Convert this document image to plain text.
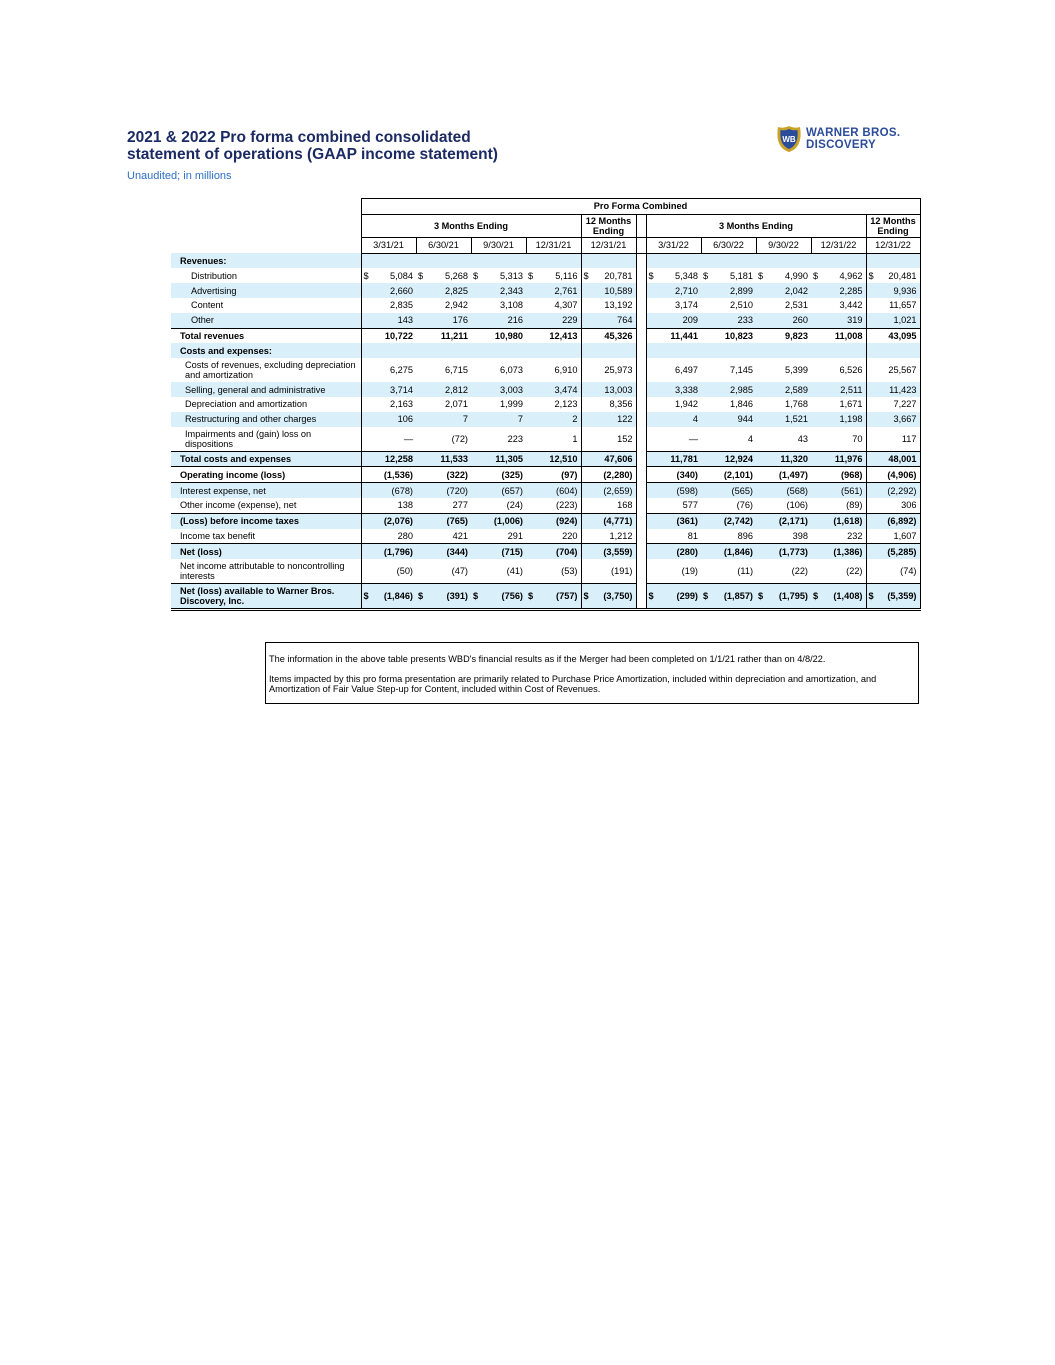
2021 & 2022 Pro forma combined consolidated
statement of operations (GAAP income statement)
Unaudited; in millions
WB
WARNER BROS.
DISCOVERY
	Pro Forma Combined										
	3 Months Ending				12 Months Ending		3 Months Ending				12 Months Ending
	3/31/21	6/30/21	9/30/21	12/31/21	12/31/21		3/31/22	6/30/22	9/30/22	12/31/22	12/31/22
Revenues:											
Distribution	$ 5,084	$ 5,268	$ 5,313	$ 5,116	$ 20,781		$ 5,348	$ 5,181	$ 4,990	$ 4,962	$ 20,481
Advertising	2,660	2,825	2,343	2,761	10,589		2,710	2,899	2,042	2,285	9,936
Content	2,835	2,942	3,108	4,307	13,192		3,174	2,510	2,531	3,442	11,657
Other	143	176	216	229	764		209	233	260	319	1,021
Total revenues	10,722	11,211	10,980	12,413	45,326		11,441	10,823	9,823	11,008	43,095
Costs and expenses:											
Costs of revenues, excluding depreciation and amortization	6,275	6,715	6,073	6,910	25,973		6,497	7,145	5,399	6,526	25,567
Selling, general and administrative	3,714	2,812	3,003	3,474	13,003		3,338	2,985	2,589	2,511	11,423
Depreciation and amortization	2,163	2,071	1,999	2,123	8,356		1,942	1,846	1,768	1,671	7,227
Restructuring and other charges	106	7	7	2	122		4	944	1,521	1,198	3,667
Impairments and (gain) loss on dispositions	—	(72)	223	1	152		—	4	43	70	117
Total costs and expenses	12,258	11,533	11,305	12,510	47,606		11,781	12,924	11,320	11,976	48,001
Operating income (loss)	(1,536)	(322)	(325)	(97)	(2,280)		(340)	(2,101)	(1,497)	(968)	(4,906)
Interest expense, net	(678)	(720)	(657)	(604)	(2,659)		(598)	(565)	(568)	(561)	(2,292)
Other income (expense), net	138	277	(24)	(223)	168		577	(76)	(106)	(89)	306
(Loss) before income taxes	(2,076)	(765)	(1,006)	(924)	(4,771)		(361)	(2,742)	(2,171)	(1,618)	(6,892)
Income tax benefit	280	421	291	220	1,212		81	896	398	232	1,607
Net (loss)	(1,796)	(344)	(715)	(704)	(3,559)		(280)	(1,846)	(1,773)	(1,386)	(5,285)
Net income attributable to noncontrolling interests	(50)	(47)	(41)	(53)	(191)		(19)	(11)	(22)	(22)	(74)
Net (loss) available to Warner Bros. Discovery, Inc.	$ (1,846)	$ (391)	$ (756)	$ (757)	$ (3,750)		$ (299)	$ (1,857)	$ (1,795)	$ (1,408)	$ (5,359)

The information in the above table presents WBD's financial results as if the Merger had been completed on 1/1/21 rather than on 4/8/22.

Items impacted by this pro forma presentation are primarily related to Purchase Price Amortization, included within depreciation and amortization, and Amortization of Fair Value Step-up for Content, included within Cost of Revenues.
